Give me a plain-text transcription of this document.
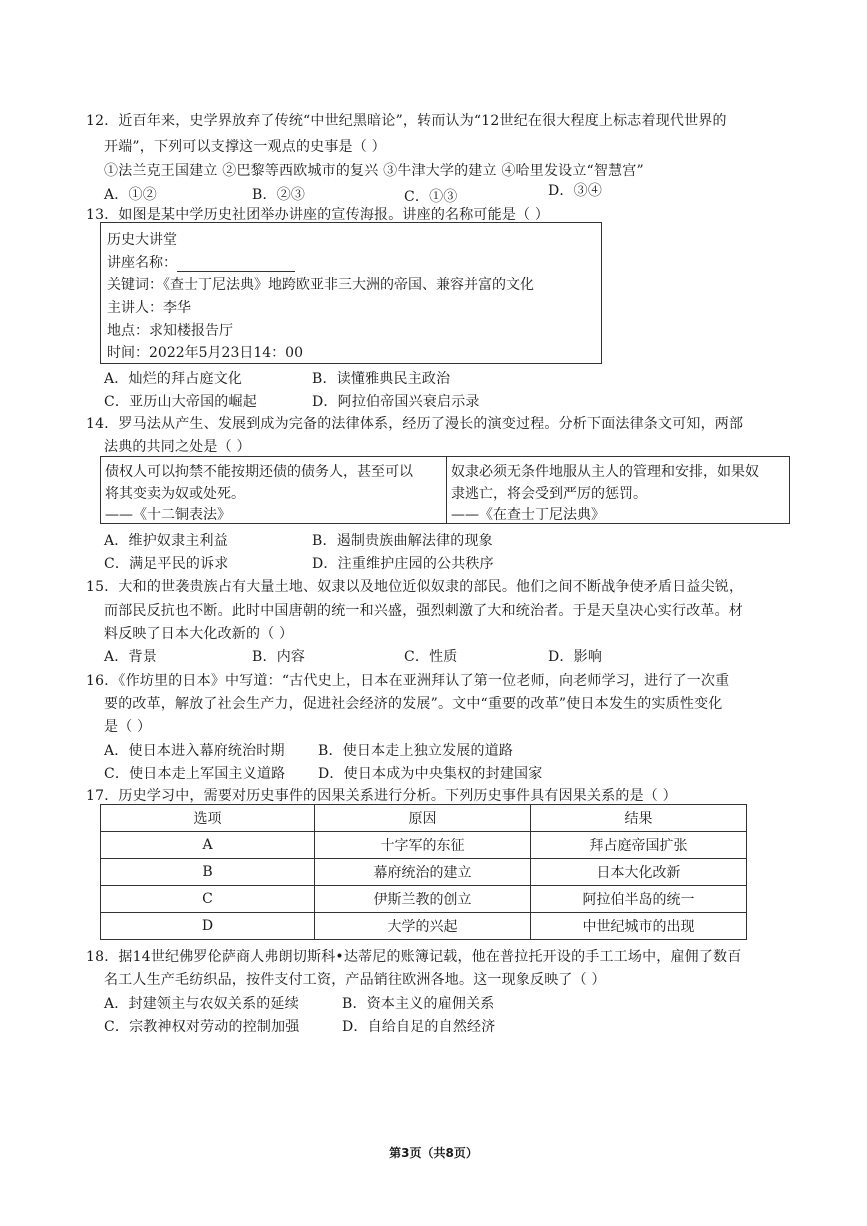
12．近百年来，史学界放弃了传统“中世纪黑暗论”，转而认为“12世纪在很大程度上标志着现代世界的
开端”，下列可以支撑这一观点的史事是（ ）
①法兰克王国建立 ②巴黎等西欧城市的复兴 ③牛津大学的建立 ④哈里发设立“智慧宫”
A．①②	B．②③	C．①③	D．③④
13．如图是某中学历史社团举办讲座的宣传海报。讲座的名称可能是（ ）
历史大讲堂
讲座名称：
关键词：《查士丁尼法典》地跨欧亚非三大洲的帝国、兼容并富的文化
主讲人：李华
地点：求知楼报告厅
时间：2022年5月23日14：00
A．灿烂的拜占庭文化	B．读懂雅典民主政治
C．亚历山大帝国的崛起	D．阿拉伯帝国兴衰启示录
14．罗马法从产生、发展到成为完备的法律体系，经历了漫长的演变过程。分析下面法律条文可知，两部
法典的共同之处是（ ）
债权人可以拘禁不能按期还债的债务人，甚至可以
将其变卖为奴或处死。
——《十二铜表法》
奴隶必须无条件地服从主人的管理和安排，如果奴
隶逃亡，将会受到严厉的惩罚。
——《在查士丁尼法典》
A．维护奴隶主利益	B．遏制贵族曲解法律的现象
C．满足平民的诉求	D．注重维护庄园的公共秩序
15．大和的世袭贵族占有大量土地、奴隶以及地位近似奴隶的部民。他们之间不断战争使矛盾日益尖锐，
而部民反抗也不断。此时中国唐朝的统一和兴盛，强烈刺激了大和统治者。于是天皇决心实行改革。材
料反映了日本大化改新的（ ）
A．背景	B．内容	C．性质	D．影响
16．《作坊里的日本》中写道：“古代史上，日本在亚洲拜认了第一位老师，向老师学习，进行了一次重
要的改革，解放了社会生产力，促进社会经济的发展”。文中“重要的改革”使日本发生的实质性变化
是（ ）
A．使日本进入幕府统治时期 B．使日本走上独立发展的道路
C．使日本走上军国主义道路 D．使日本成为中央集权的封建国家
17．历史学习中，需要对历史事件的因果关系进行分析。下列历史事件具有因果关系的是（ ）
选项	原因	结果
A	十字军的东征	拜占庭帝国扩张
B	幕府统治的建立	日本大化改新
C	伊斯兰教的创立	阿拉伯半岛的统一
D	大学的兴起	中世纪城市的出现
18．据14世纪佛罗伦萨商人弗朗切斯科•达蒂尼的账簿记载，他在普拉托开设的手工工场中，雇佣了数百
名工人生产毛纺织品，按件支付工资，产品销往欧洲各地。这一现象反映了（ ）
A．封建领主与农奴关系的延续	B．资本主义的雇佣关系
C．宗教神权对劳动的控制加强	D．自给自足的自然经济
第3页（共8页）
